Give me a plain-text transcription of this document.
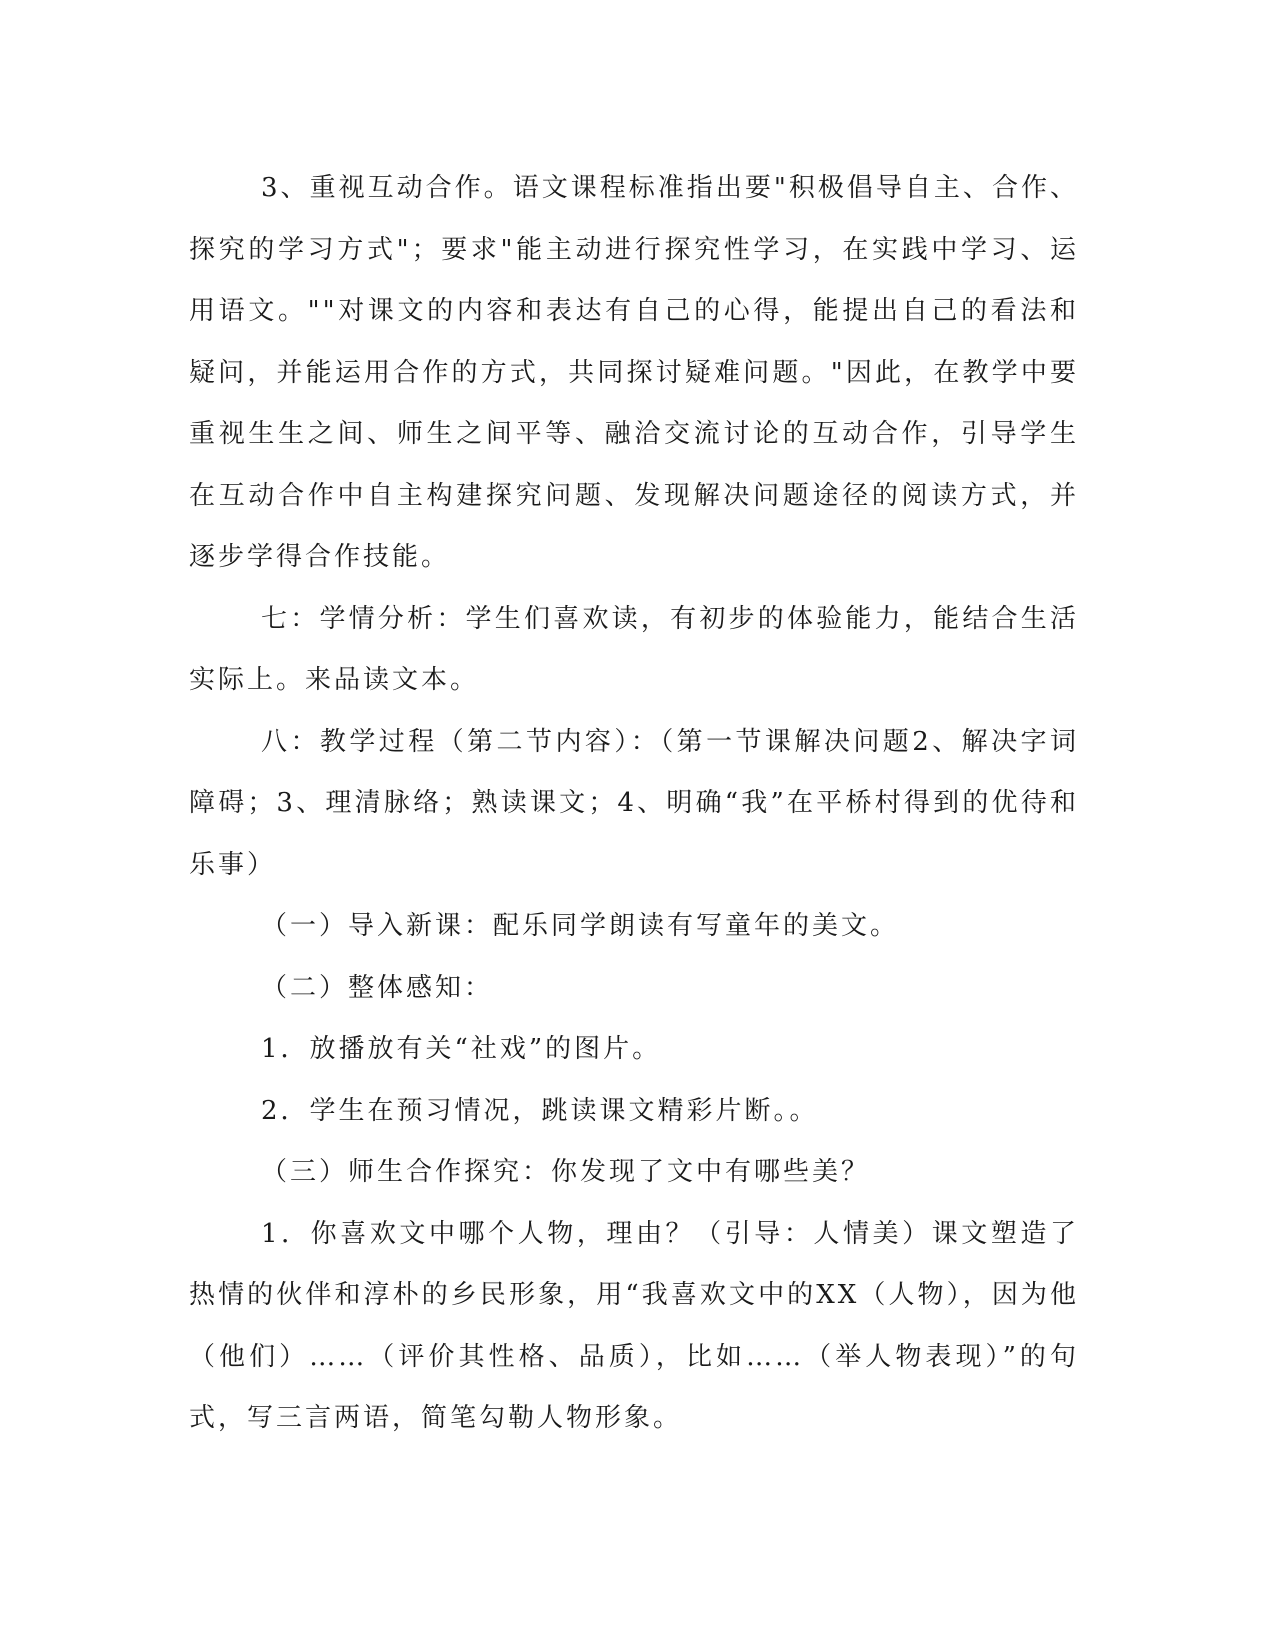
3、重视互动合作。语文课程标准指出要"积极倡导自主、合作、探究的学习方式"；要求"能主动进行探究性学习，在实践中学习、运用语文。""对课文的内容和表达有自己的心得，能提出自己的看法和疑问，并能运用合作的方式，共同探讨疑难问题。"因此，在教学中要重视生生之间、师生之间平等、融洽交流讨论的互动合作，引导学生在互动合作中自主构建探究问题、发现解决问题途径的阅读方式，并逐步学得合作技能。

七：学情分析：学生们喜欢读，有初步的体验能力，能结合生活实际上。来品读文本。

八：教学过程（第二节内容）：（第一节课解决问题2、解决字词障碍；3、理清脉络；熟读课文；4、明确“我”在平桥村得到的优待和乐事）

（一）导入新课：配乐同学朗读有写童年的美文。

（二）整体感知：

1．放播放有关“社戏”的图片。

2．学生在预习情况，跳读课文精彩片断。。

（三）师生合作探究：你发现了文中有哪些美？

1．你喜欢文中哪个人物，理由？（引导：人情美）课文塑造了热情的伙伴和淳朴的乡民形象，用“我喜欢文中的XX（人物），因为他（他们）……（评价其性格、品质），比如……（举人物表现）”的句式，写三言两语，简笔勾勒人物形象。
